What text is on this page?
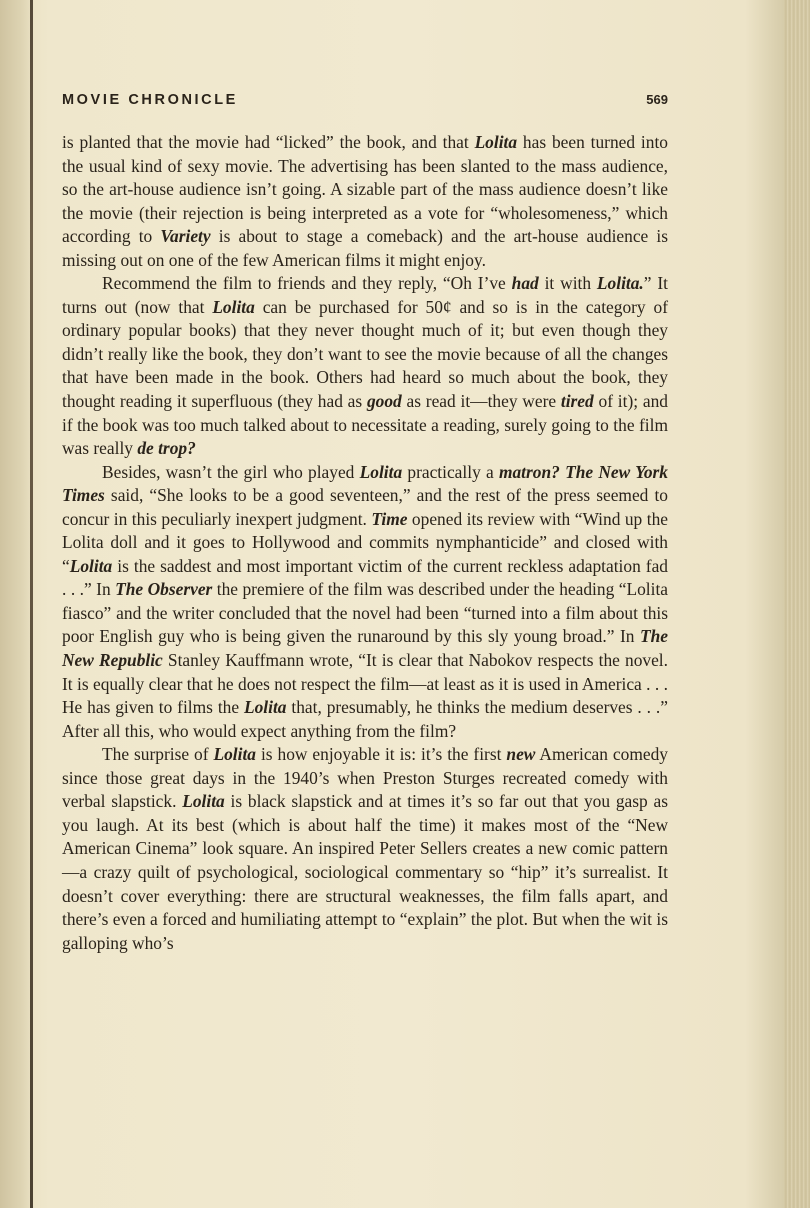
MOVIE CHRONICLE	569

is planted that the movie had “licked” the book, and that Lolita has been turned into the usual kind of sexy movie. The advertising has been slanted to the mass audience, so the art-house audience isn’t going. A sizable part of the mass audience doesn’t like the movie (their rejection is being interpreted as a vote for “wholesomeness,” which according to Variety is about to stage a comeback) and the art-house audience is missing out on one of the few American films it might enjoy.

Recommend the film to friends and they reply, “Oh I’ve had it with Lolita.” It turns out (now that Lolita can be purchased for 50¢ and so is in the category of ordinary popular books) that they never thought much of it; but even though they didn’t really like the book, they don’t want to see the movie because of all the changes that have been made in the book. Others had heard so much about the book, they thought reading it superfluous (they had as good as read it—they were tired of it); and if the book was too much talked about to necessitate a reading, surely going to the film was really de trop?

Besides, wasn’t the girl who played Lolita practically a matron? The New York Times said, “She looks to be a good seventeen,” and the rest of the press seemed to concur in this peculiarly inexpert judgment. Time opened its review with “Wind up the Lolita doll and it goes to Hollywood and commits nymphanticide” and closed with “Lolita is the saddest and most important victim of the current reckless adaptation fad . . .” In The Observer the premiere of the film was described under the heading “Lolita fiasco” and the writer concluded that the novel had been “turned into a film about this poor English guy who is being given the runaround by this sly young broad.” In The New Republic Stanley Kauffmann wrote, “It is clear that Nabokov respects the novel. It is equally clear that he does not respect the film—at least as it is used in America . . . He has given to films the Lolita that, presumably, he thinks the medium deserves . . .” After all this, who would expect anything from the film?

The surprise of Lolita is how enjoyable it is: it’s the first new American comedy since those great days in the 1940’s when Preston Sturges recreated comedy with verbal slapstick. Lolita is black slapstick and at times it’s so far out that you gasp as you laugh. At its best (which is about half the time) it makes most of the “New American Cinema” look square. An inspired Peter Sellers creates a new comic pattern—a crazy quilt of psychological, sociological commentary so “hip” it’s surrealist. It doesn’t cover everything: there are structural weaknesses, the film falls apart, and there’s even a forced and humiliating attempt to “explain” the plot. But when the wit is galloping who’s
